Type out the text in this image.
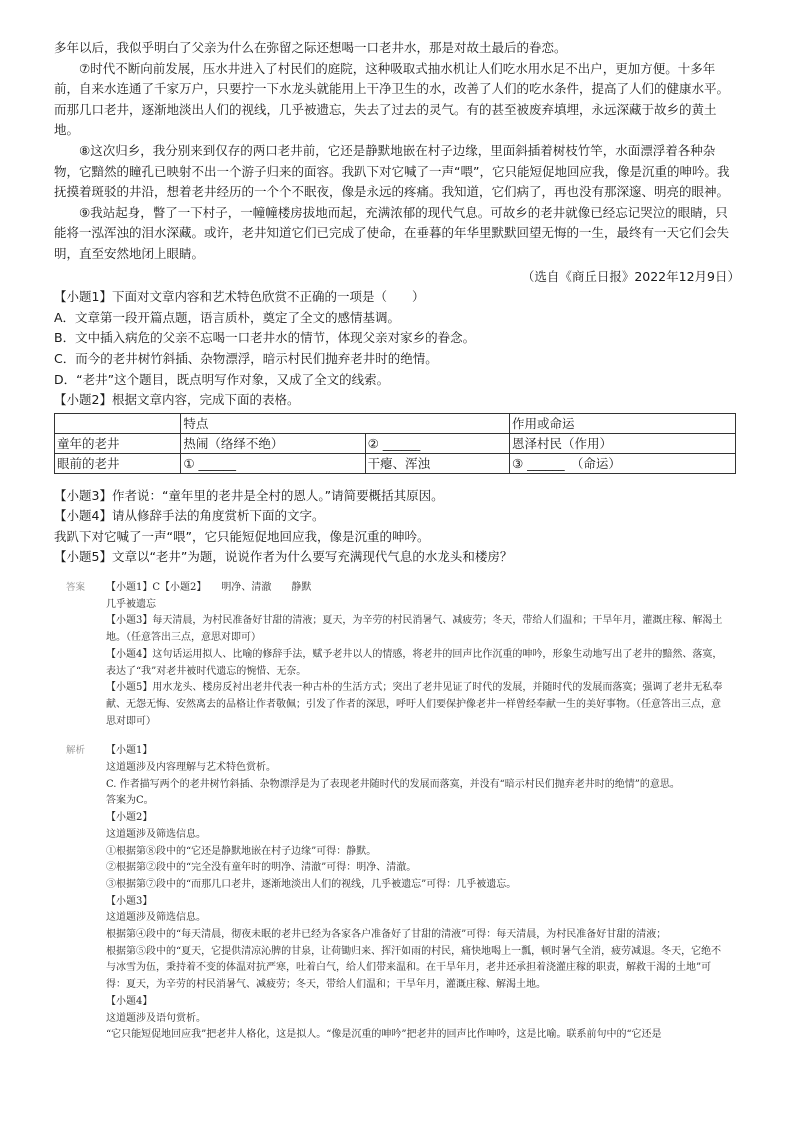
多年以后，我似乎明白了父亲为什么在弥留之际还想喝一口老井水，那是对故土最后的眷恋。

⑦时代不断向前发展，压水井进入了村民们的庭院，这种吸取式抽水机让人们吃水用水足不出户，更加方便。十多年前，自来水连通了千家万户，只要拧一下水龙头就能用上干净卫生的水，改善了人们的吃水条件，提高了人们的健康水平。而那几口老井，逐渐地淡出人们的视线，几乎被遗忘，失去了过去的灵气。有的甚至被废弃填埋，永远深藏于故乡的黄土地。

⑧这次归乡，我分别来到仅存的两口老井前，它还是静默地嵌在村子边缘，里面斜插着树枝竹竿，水面漂浮着各种杂物，它黯然的瞳孔已映射不出一个游子归来的面容。我趴下对它喊了一声“喂”，它只能短促地回应我，像是沉重的呻吟。我抚摸着斑驳的井沿，想着老井经历的一个个不眠夜，像是永远的疼痛。我知道，它们病了，再也没有那深邃、明亮的眼神。

⑨我站起身，瞥了一下村子，一幢幢楼房拔地而起，充满浓郁的现代气息。可故乡的老井就像已经忘记哭泣的眼睛，只能将一泓浑浊的泪水深藏。或许，老井知道它们已完成了使命，在垂暮的年华里默默回望无悔的一生，最终有一天它们会失明，直至安然地闭上眼睛。

（选自《商丘日报》2022年12月9日）

【小题1】下面对文章内容和艺术特色欣赏不正确的一项是（　　）

A．文章第一段开篇点题，语言质朴，奠定了全文的感情基调。

B．文中插入病危的父亲不忘喝一口老井水的情节，体现父亲对家乡的眷念。

C．而今的老井树竹斜插、杂物漂浮，暗示村民们抛弃老井时的绝情。

D．“老井”这个题目，既点明写作对象，又成了全文的线索。

【小题2】根据文章内容，完成下面的表格。

	特点		作用或命运
童年的老井	热闹（络绎不绝）	② ______	恩泽村民（作用）
眼前的老井	① ______	干瘪、浑浊	③ ______　（命运）

【小题3】作者说：“童年里的老井是全村的恩人。”请简要概括其原因。

【小题4】请从修辞手法的角度赏析下面的文字。

我趴下对它喊了一声“喂”，它只能短促地回应我，像是沉重的呻吟。

【小题5】文章以“老井”为题，说说作者为什么要写充满现代气息的水龙头和楼房？

答案 【小题1】C【小题2】　　明净、清澈　　静默

几乎被遗忘

【小题3】每天清晨，为村民准备好甘甜的清液；夏天，为辛劳的村民消暑气、减疲劳；冬天，带给人们温和；干旱年月，灌溉庄稼、解渴土地。（任意答出三点，意思对即可）

【小题4】这句话运用拟人、比喻的修辞手法，赋予老井以人的情感，将老井的回声比作沉重的呻吟，形象生动地写出了老井的黯然、落寞，表达了“我”对老井被时代遗忘的惋惜、无奈。

【小题5】用水龙头、楼房反衬出老井代表一种古朴的生活方式；突出了老井见证了时代的发展，并随时代的发展而落寞；强调了老井无私奉献、无怨无悔、安然离去的品格让作者敬佩；引发了作者的深思，呼吁人们要保护像老井一样曾经奉献一生的美好事物。（任意答出三点，意思对即可）

解析 【小题1】

这道题涉及内容理解与艺术特色赏析。

C. 作者描写两个的老井树竹斜插、杂物漂浮是为了表现老井随时代的发展而落寞，并没有“暗示村民们抛弃老井时的绝情”的意思。

答案为C。

【小题2】

这道题涉及筛选信息。

①根据第⑧段中的“它还是静默地嵌在村子边缘”可得：静默。

②根据第②段中的“完全没有童年时的明净、清澈”可得：明净、清澈。

③根据第⑦段中的“而那几口老井，逐渐地淡出人们的视线，几乎被遗忘”可得：几乎被遗忘。

【小题3】

这道题涉及筛选信息。

根据第④段中的“每天清晨，彻夜未眠的老井已经为各家各户准备好了甘甜的清液”可得：每天清晨，为村民准备好甘甜的清液；

根据第⑤段中的“夏天，它提供清凉沁脾的甘泉，让荷锄归来、挥汗如雨的村民，痛快地喝上一瓢，顿时暑气全消，疲劳减退。冬天，它绝不与冰雪为伍，秉持着不变的体温对抗严寒，吐着白气，给人们带来温和。在干旱年月，老井还承担着浇灌庄稼的职责，解救干渴的土地”可得：夏天，为辛劳的村民消暑气、减疲劳；冬天，带给人们温和；干旱年月，灌溉庄稼、解渴土地。

【小题4】

这道题涉及语句赏析。

“它只能短促地回应我”把老井人格化，这是拟人。“像是沉重的呻吟”把老井的回声比作呻吟，这是比喻。联系前句中的“它还是
